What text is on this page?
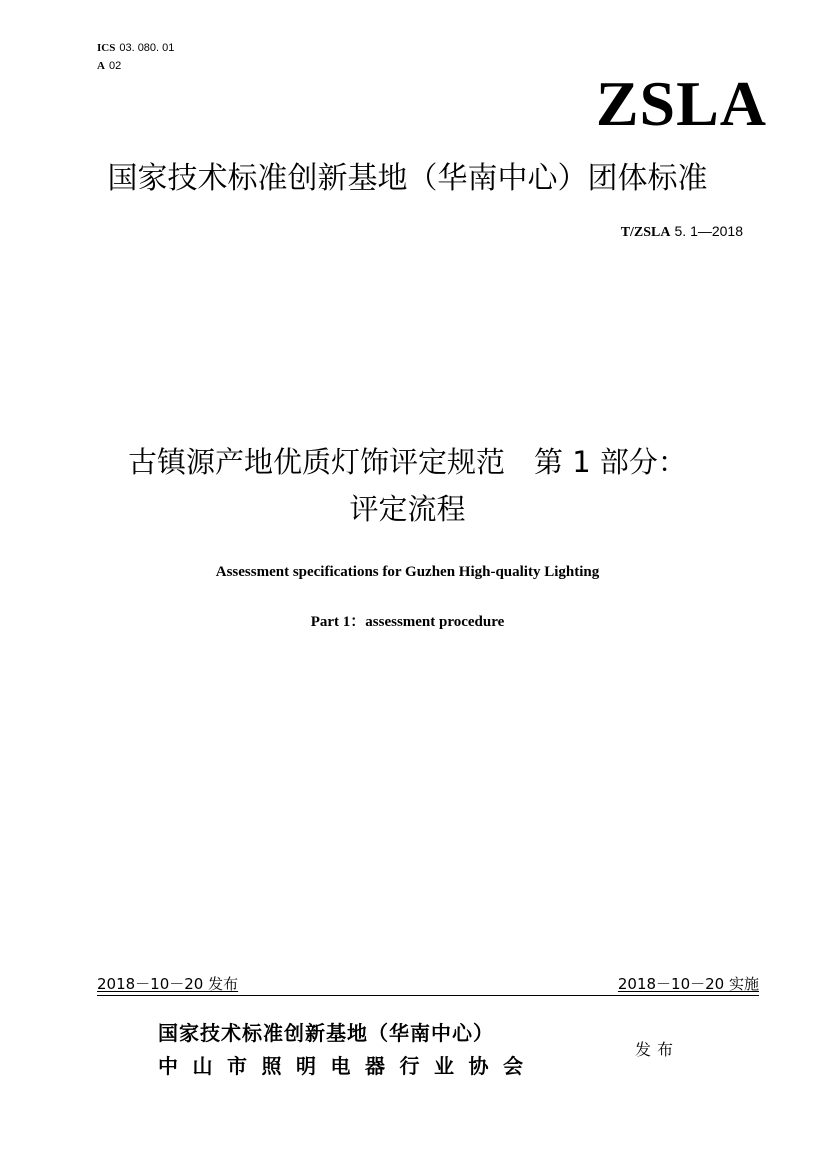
ICS 03. 080. 01
A 02
ZSLA
国家技术标准创新基地（华南中心）团体标准
T/ZSLA 5. 1—2018
古镇源产地优质灯饰评定规范　第 1 部分：
评定流程
Assessment specifications for Guzhen High-quality Lighting
Part 1：assessment procedure
2018－10－20 发布	2018－10－20 实施
国家技术标准创新基地（华南中心）
中山市照明电器行业协会
发布
